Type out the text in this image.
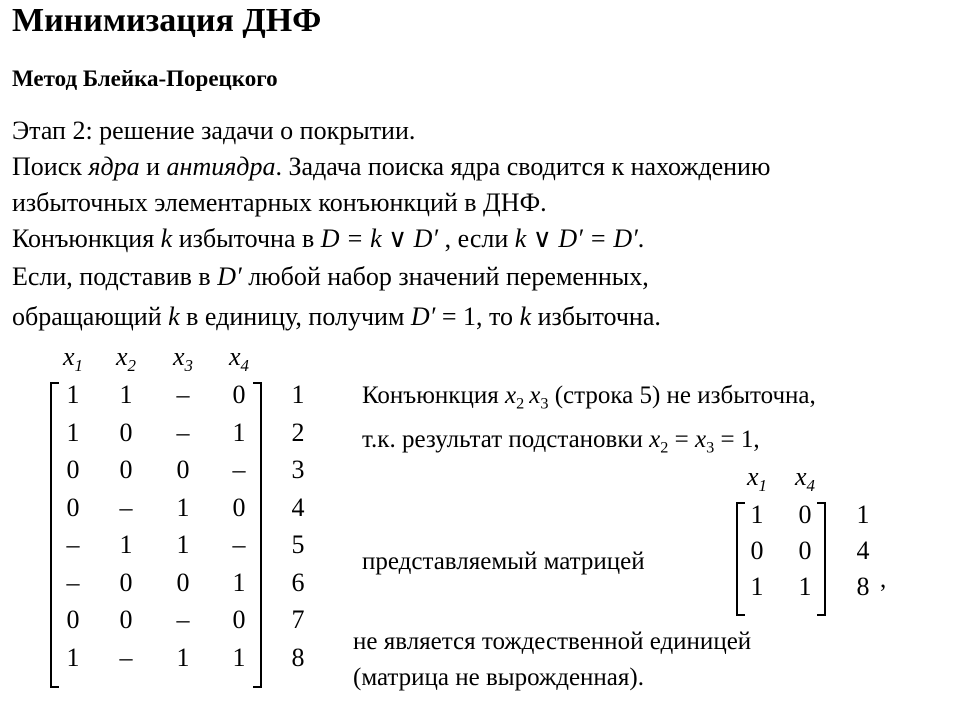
Минимизация ДНФ
Метод Блейка-Порецкого
Этап 2: решение задачи о покрытии.
Поиск ядра и антиядра. Задача поиска ядра сводится к нахождению
избыточных элементарных конъюнкций в ДНФ.
Конъюнкция k избыточна в D = k ∨ D′ , если k ∨ D′ = D′.
Если, подставив в D′ любой набор значений переменных,
обращающий k в единицу, получим D′ = 1, то k избыточна.
$x_1$ $x_2$ $x_3$ $x_4$
1	1	–	0	1
1	0	–	1	2
0	0	0	–	3
0	–	1	0	4
–	1	1	–	5
–	0	0	1	6
0	0	–	0	7
1	–	1	1	8
$x_1$ $x_4$
1	0	1
0	0	4
1	1	8
Конъюнкция $x_2$  $x_3$ (строка 5) не избыточна,
т.к. результат подстановки $x_2 = x_3 = 1$,
представляемый матрицей
,
не является тождественной единицей
(матрица не вырожденная).
